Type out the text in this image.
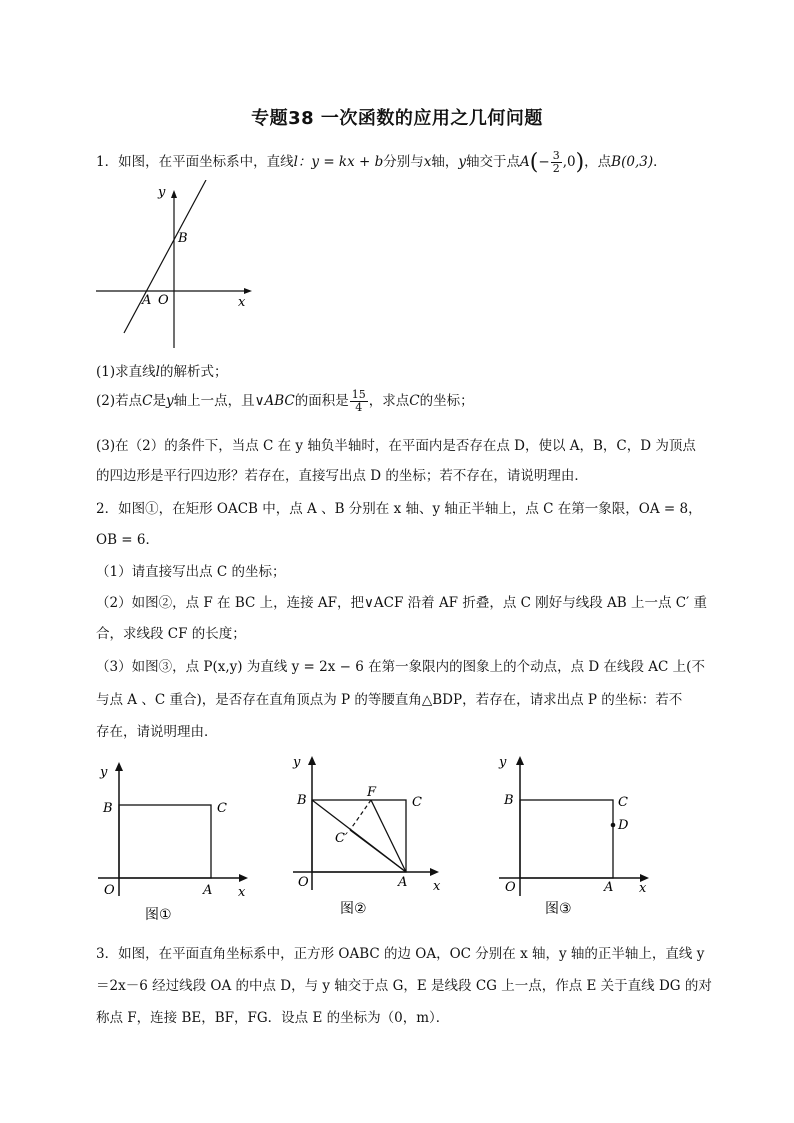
专题38 一次函数的应用之几何问题
1．如图，在平面坐标系中，直线l：y = kx + b分别与x轴，y轴交于点$A(- \frac{3}{2} ,0)$，点B(0,3)．
y
x
B
A O
(1)求直线l的解析式；
(2)若点C是y轴上一点，且∨ABC的面积是 $\frac{15}{4}$ ，求点C的坐标；
(3)在（2）的条件下，当点 C 在 y 轴负半轴时，在平面内是否存在点 D，使以 A，B，C，D 为顶点
的四边形是平行四边形？若存在，直接写出点 D 的坐标；若不存在，请说明理由．
2．如图①，在矩形 OACB 中，点 A 、B 分别在 x 轴、y 轴正半轴上，点 C 在第一象限，OA = 8，
OB = 6．
（1）请直接写出点 C 的坐标；
（2）如图②，点 F 在 BC 上，连接 AF，把∨ACF 沿着 AF 折叠，点 C 刚好与线段 AB 上一点 C′ 重
合，求线段 CF 的长度；
（3）如图③，点 P(x,y) 为直线 y = 2x − 6 在第一象限内的图象上的个动点，点 D 在线段 AC 上(不
与点 A 、C 重合)，是否存在直角顶点为 P 的等腰直角△BDP，若存在，请求出点 P 的坐标：若不
存在，请说明理由．
y
x
B	C
O	A
图①
y
x
B	C
F
C′
O	A
图②
y
x
B	C
D
O	A
图③
3．如图，在平面直角坐标系中，正方形 OABC 的边 OA，OC 分别在 x 轴，y 轴的正半轴上，直线 y
＝2x－6 经过线段 OA 的中点 D，与 y 轴交于点 G，E 是线段 CG 上一点，作点 E 关于直线 DG 的对
称点 F，连接 BE，BF，FG．设点 E 的坐标为（0，m）．
